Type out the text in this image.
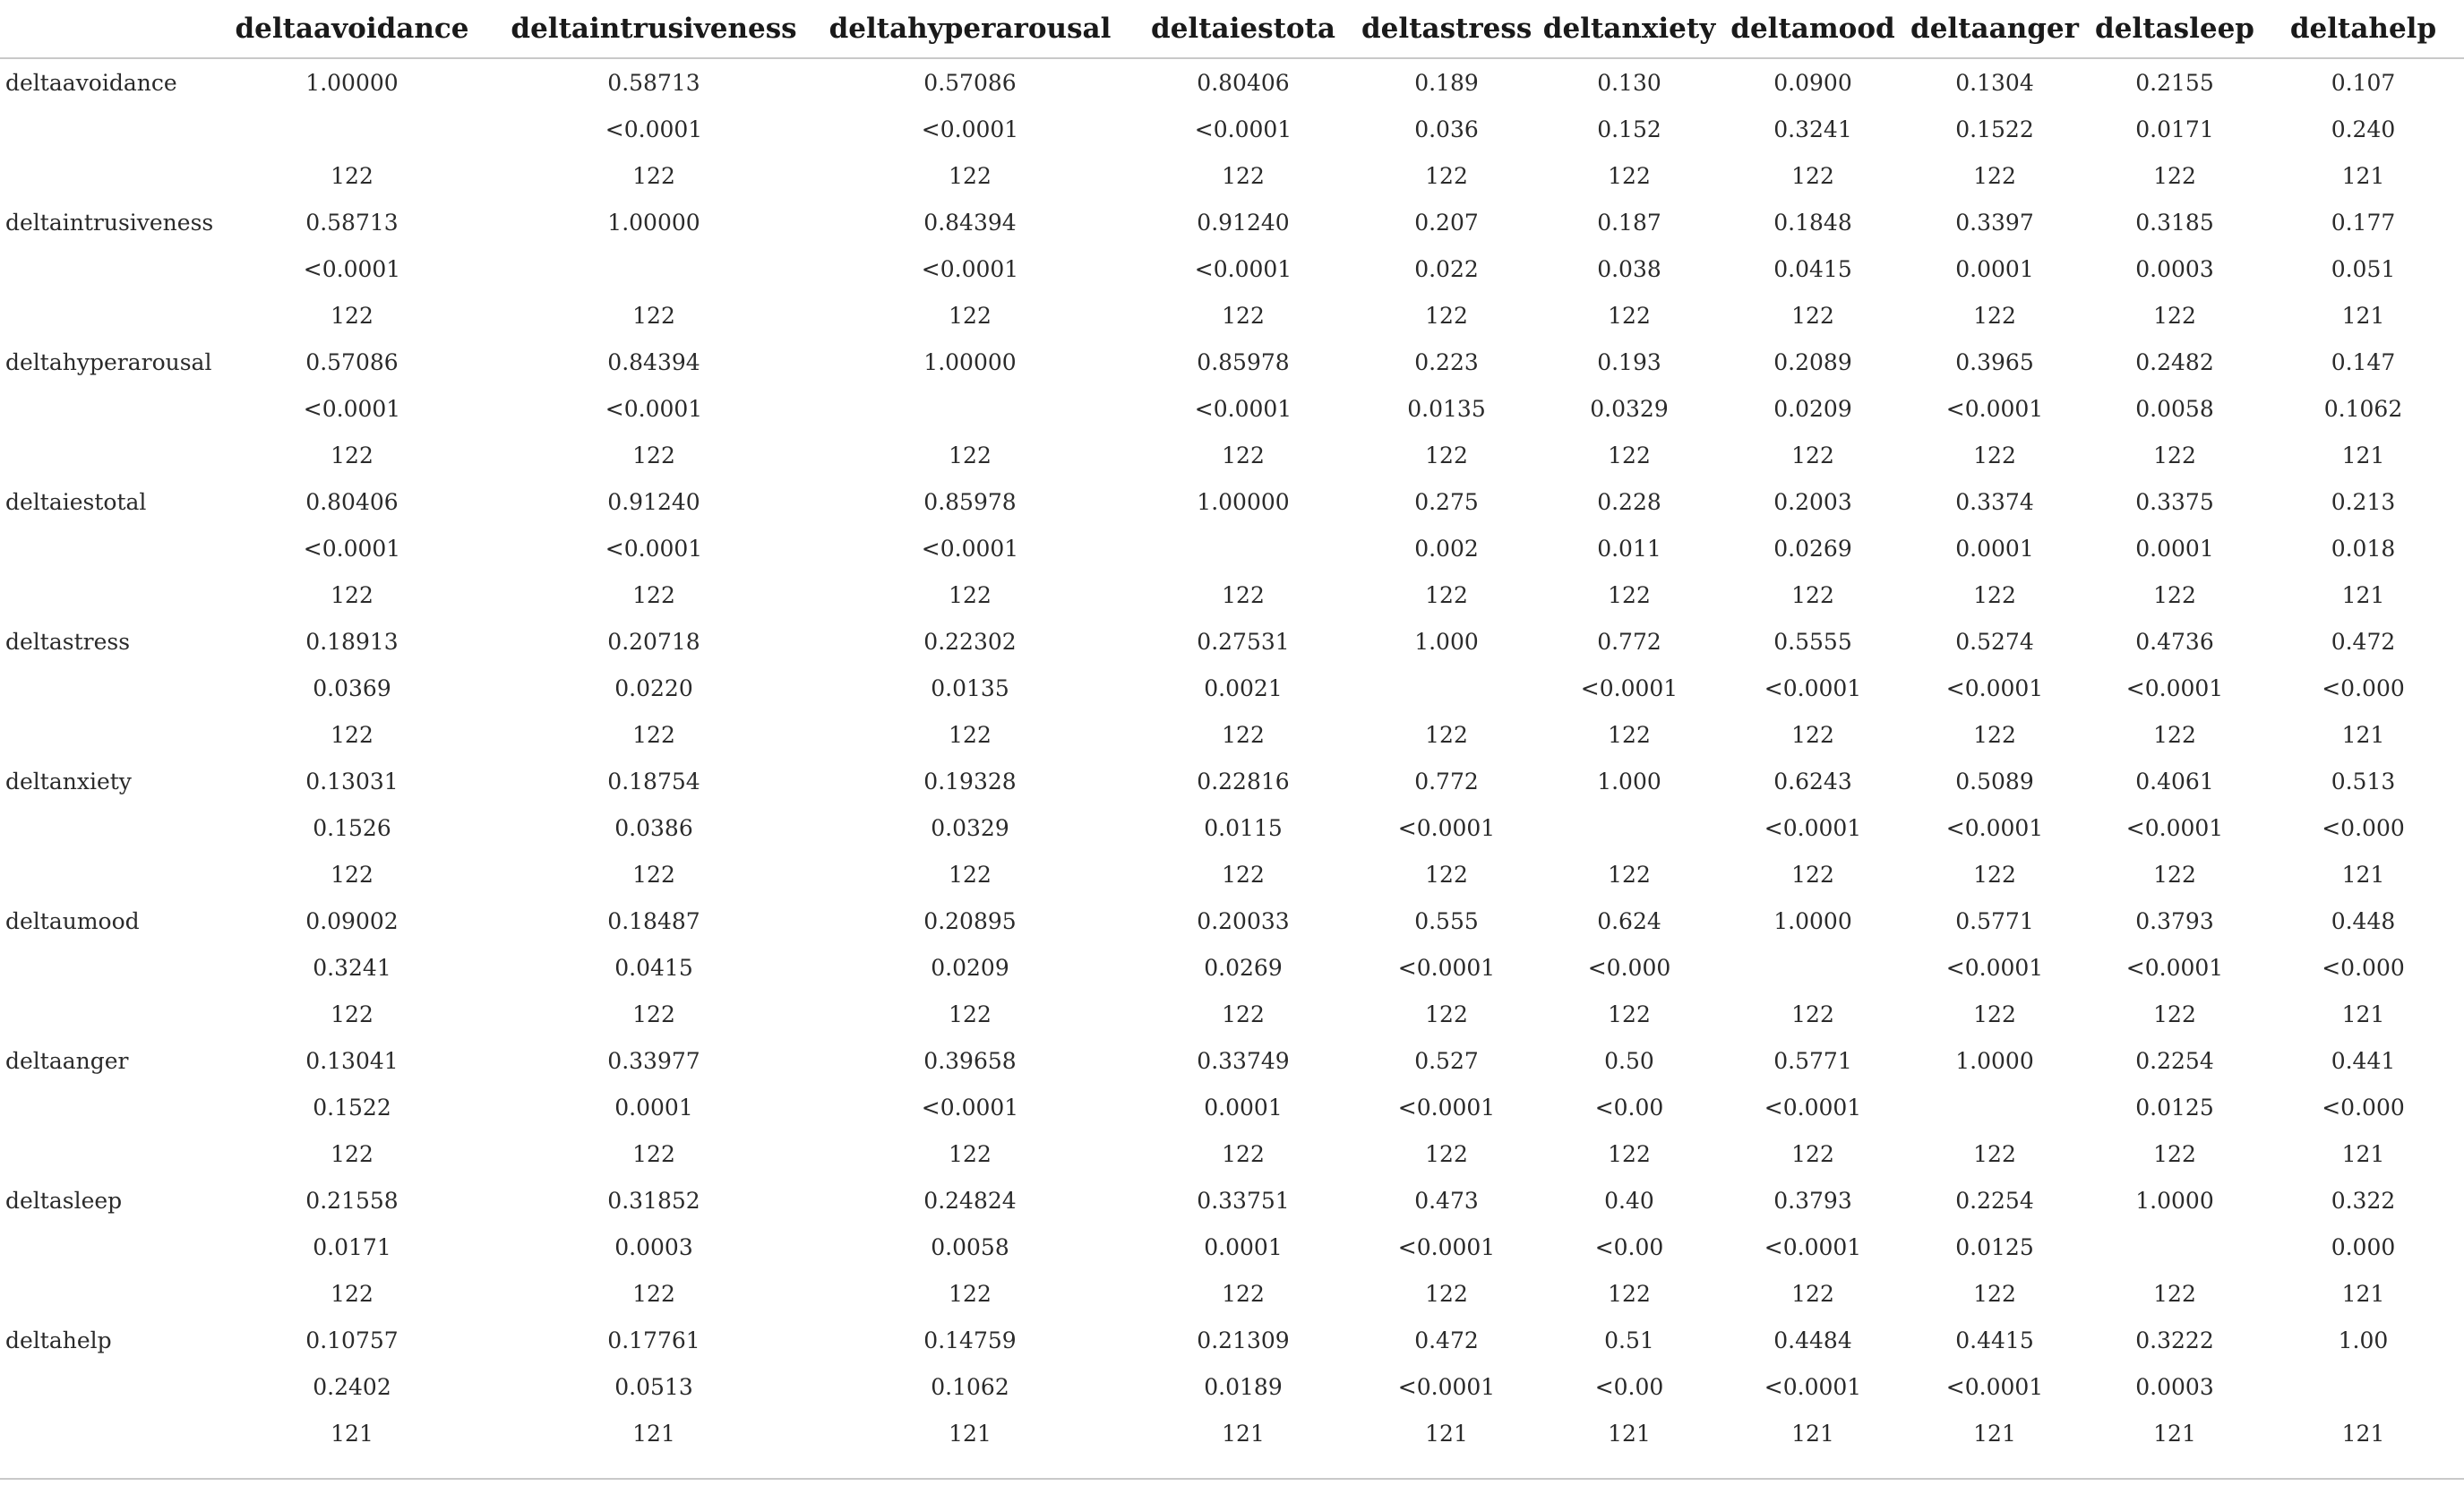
	deltaavoidance	deltaintrusiveness	deltahyperarousal	deltaiestota	deltastress	deltanxiety	deltamood	deltaanger	deltasleep	deltahelp
deltaavoidance	1.00000	0.58713	0.57086	0.80406	0.189	0.130	0.0900	0.1304	0.2155	0.107
		<0.0001	<0.0001	<0.0001	0.036	0.152	0.3241	0.1522	0.0171	0.240
	122	122	122	122	122	122	122	122	122	121
deltaintrusiveness	0.58713	1.00000	0.84394	0.91240	0.207	0.187	0.1848	0.3397	0.3185	0.177
	<0.0001		<0.0001	<0.0001	0.022	0.038	0.0415	0.0001	0.0003	0.051
	122	122	122	122	122	122	122	122	122	121
deltahyperarousal	0.57086	0.84394	1.00000	0.85978	0.223	0.193	0.2089	0.3965	0.2482	0.147
	<0.0001	<0.0001		<0.0001	0.0135	0.0329	0.0209	<0.0001	0.0058	0.1062
	122	122	122	122	122	122	122	122	122	121
deltaiestotal	0.80406	0.91240	0.85978	1.00000	0.275	0.228	0.2003	0.3374	0.3375	0.213
	<0.0001	<0.0001	<0.0001		0.002	0.011	0.0269	0.0001	0.0001	0.018
	122	122	122	122	122	122	122	122	122	121
deltastress	0.18913	0.20718	0.22302	0.27531	1.000	0.772	0.5555	0.5274	0.4736	0.472
	0.0369	0.0220	0.0135	0.0021		<0.0001	<0.0001	<0.0001	<0.0001	<0.000
	122	122	122	122	122	122	122	122	122	121
deltanxiety	0.13031	0.18754	0.19328	0.22816	0.772	1.000	0.6243	0.5089	0.4061	0.513
	0.1526	0.0386	0.0329	0.0115	<0.0001		<0.0001	<0.0001	<0.0001	<0.000
	122	122	122	122	122	122	122	122	122	121
deltaumood	0.09002	0.18487	0.20895	0.20033	0.555	0.624	1.0000	0.5771	0.3793	0.448
	0.3241	0.0415	0.0209	0.0269	<0.0001	<0.000		<0.0001	<0.0001	<0.000
	122	122	122	122	122	122	122	122	122	121
deltaanger	0.13041	0.33977	0.39658	0.33749	0.527	0.50	0.5771	1.0000	0.2254	0.441
	0.1522	0.0001	<0.0001	0.0001	<0.0001	<0.00	<0.0001		0.0125	<0.000
	122	122	122	122	122	122	122	122	122	121
deltasleep	0.21558	0.31852	0.24824	0.33751	0.473	0.40	0.3793	0.2254	1.0000	0.322
	0.0171	0.0003	0.0058	0.0001	<0.0001	<0.00	<0.0001	0.0125		0.000
	122	122	122	122	122	122	122	122	122	121
deltahelp	0.10757	0.17761	0.14759	0.21309	0.472	0.51	0.4484	0.4415	0.3222	1.00
	0.2402	0.0513	0.1062	0.0189	<0.0001	<0.00	<0.0001	<0.0001	0.0003	
	121	121	121	121	121	121	121	121	121	121
